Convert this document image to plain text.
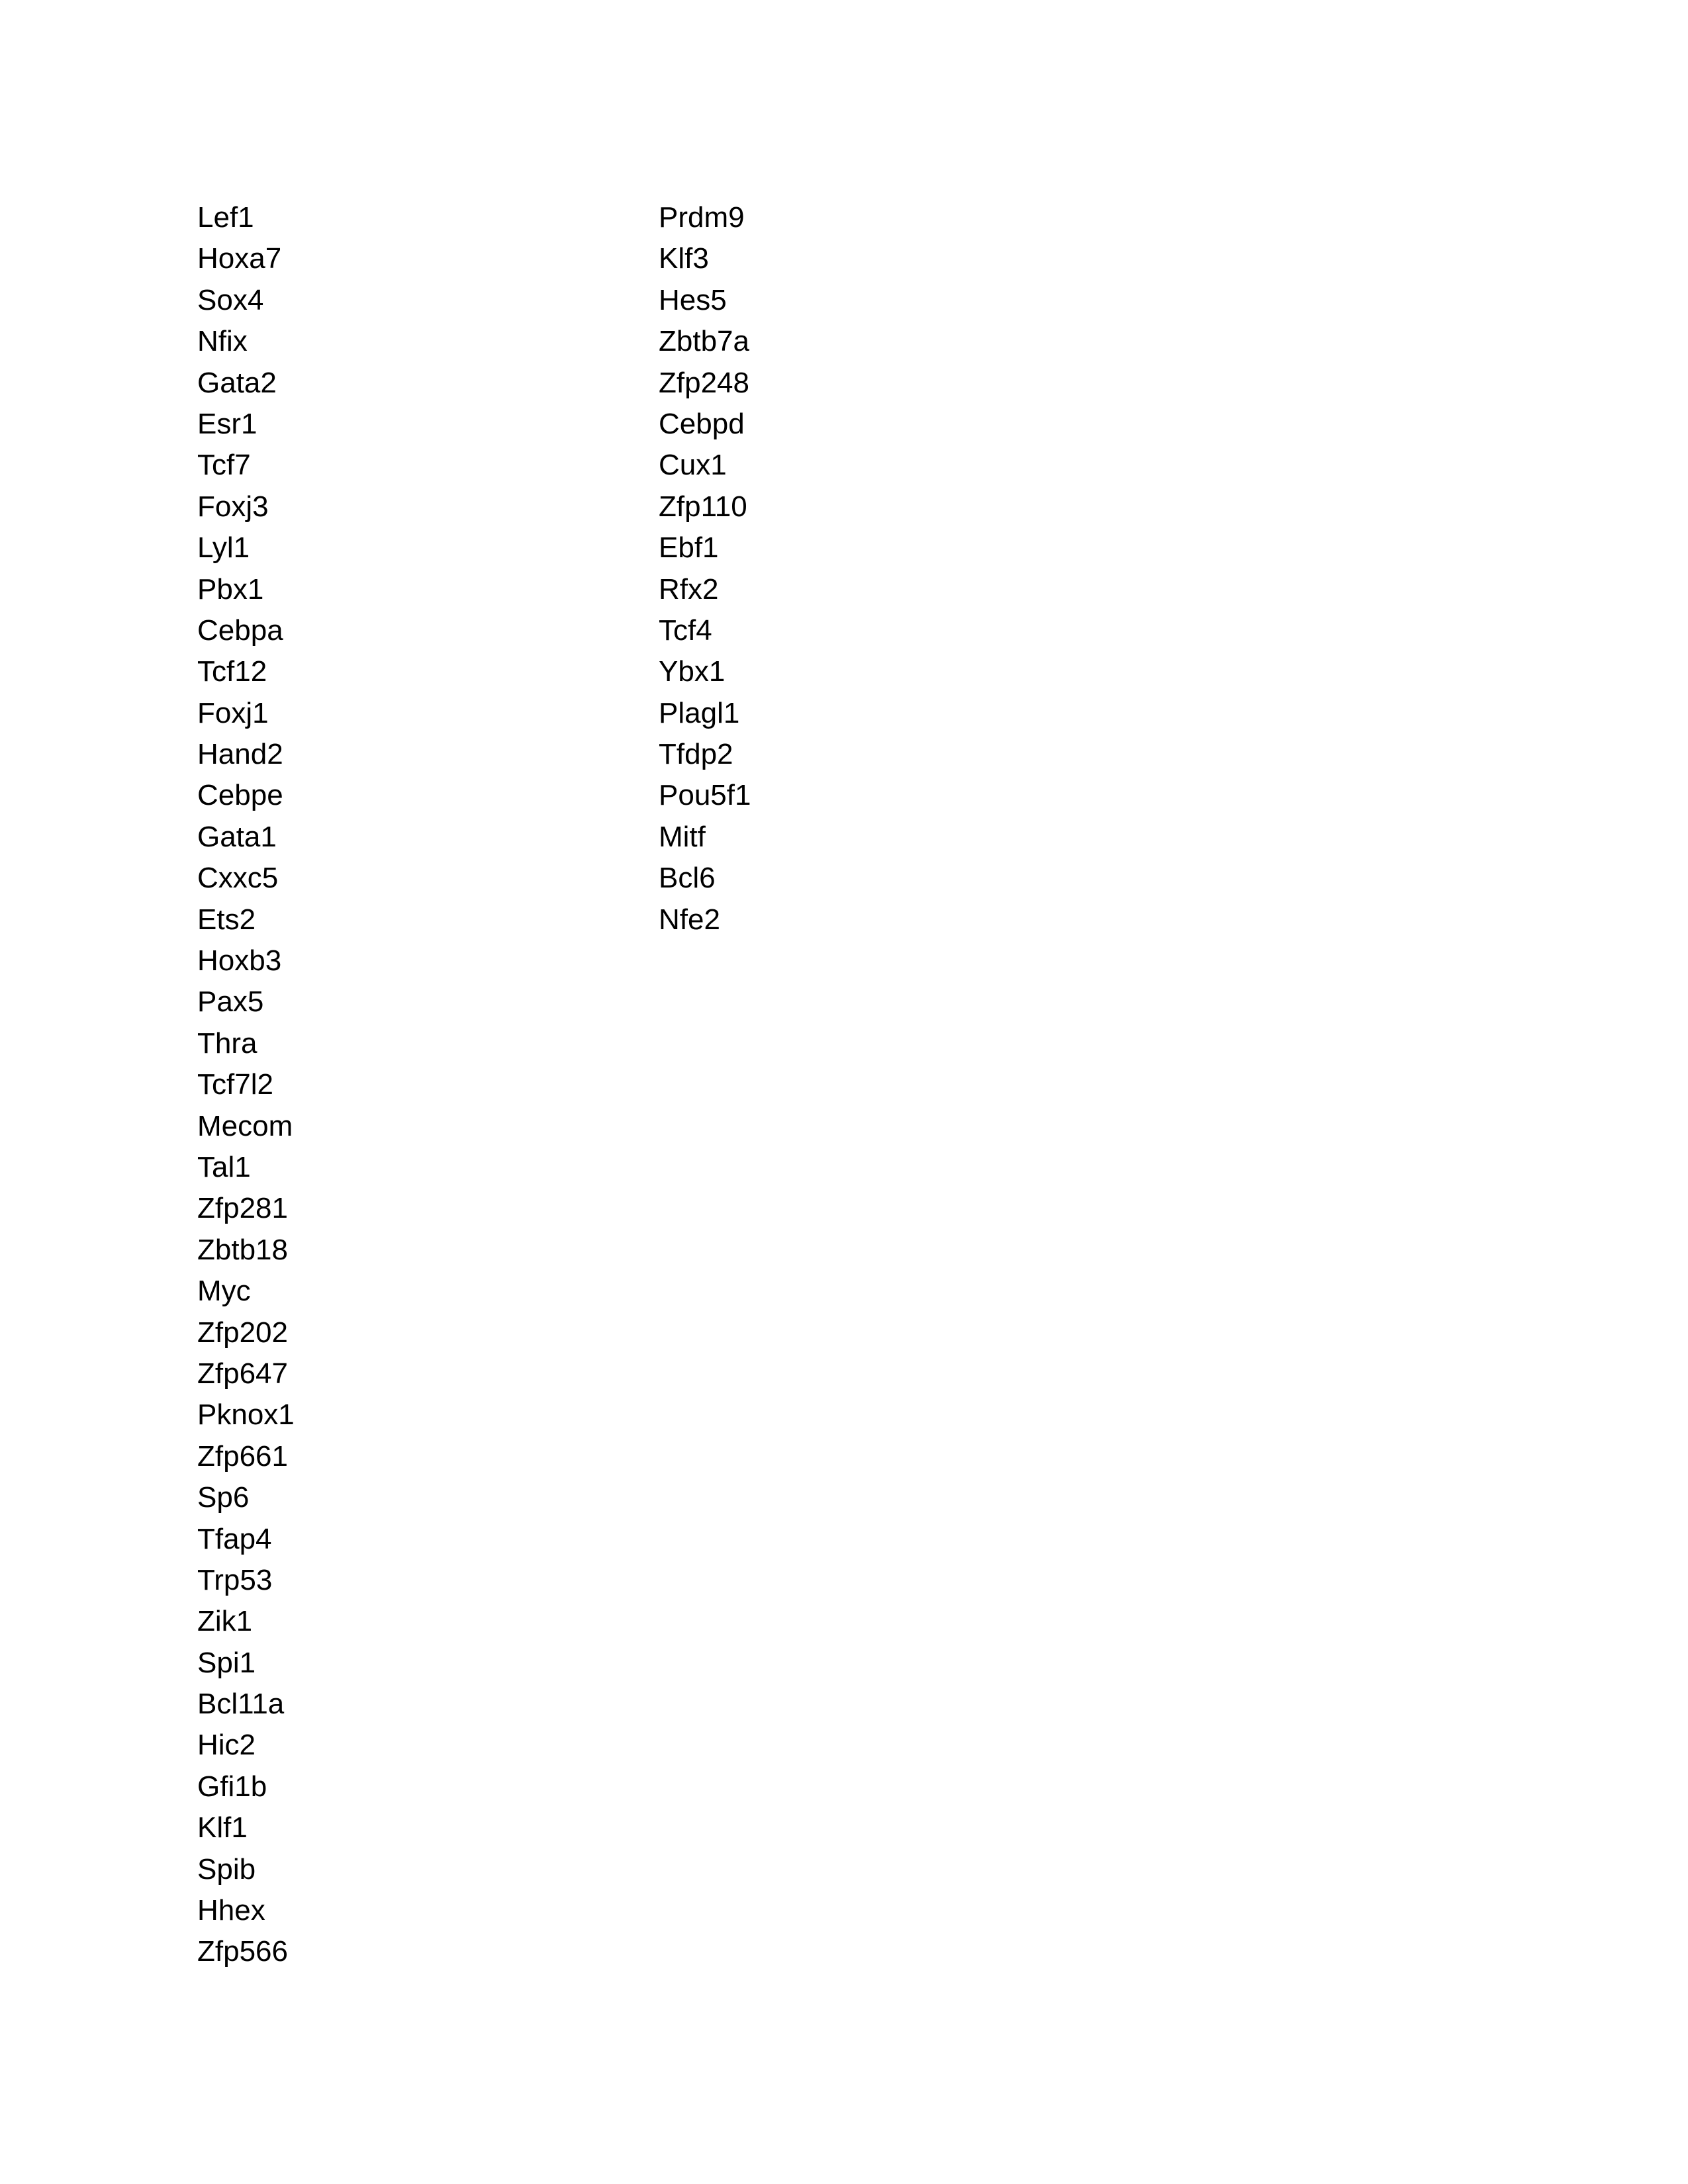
Lef1
Hoxa7
Sox4
Nfix
Gata2
Esr1
Tcf7
Foxj3
Lyl1
Pbx1
Cebpa
Tcf12
Foxj1
Hand2
Cebpe
Gata1
Cxxc5
Ets2
Hoxb3
Pax5
Thra
Tcf7l2
Mecom
Tal1
Zfp281
Zbtb18
Myc
Zfp202
Zfp647
Pknox1
Zfp661
Sp6
Tfap4
Trp53
Zik1
Spi1
Bcl11a
Hic2
Gfi1b
Klf1
Spib
Hhex
Zfp566
Prdm9
Klf3
Hes5
Zbtb7a
Zfp248
Cebpd
Cux1
Zfp110
Ebf1
Rfx2
Tcf4
Ybx1
Plagl1
Tfdp2
Pou5f1
Mitf
Bcl6
Nfe2
